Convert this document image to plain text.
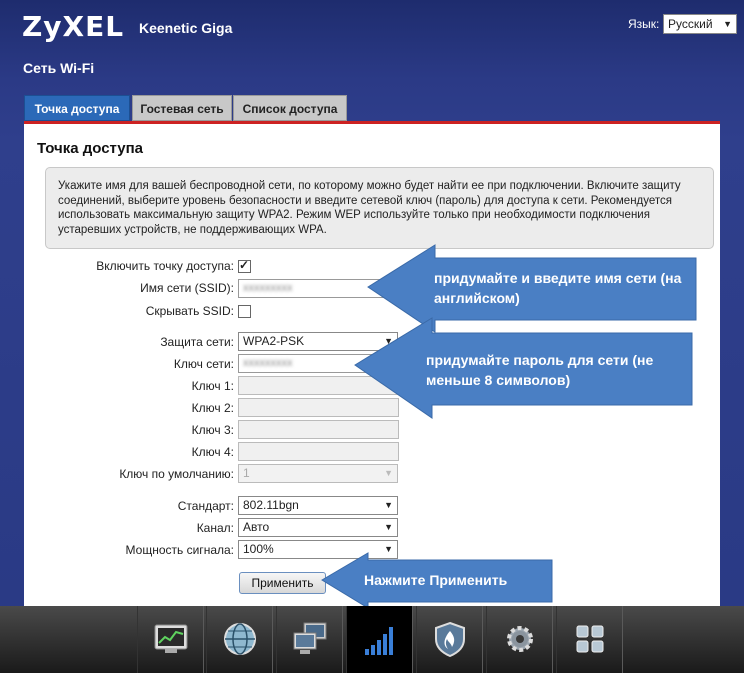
ZyXEL Keenetic Giga	Язык: Русский ▼
Сеть Wi-Fi
Точка доступа	Гостевая сеть	Список доступа
Точка доступа
Укажите имя для вашей беспроводной сети, по которому можно будет найти ее при подключении. Включите защиту соединений, выберите уровень безопасности и введите сетевой ключ (пароль) для доступа к сети. Рекомендуется использовать максимальную защиту WPA2. Режим WEP используйте только при необходимости подключения устаревших устройств, не поддерживающих WPA.
Включить точку доступа:
✓
Имя сети (SSID): xxxxxxxxx
Скрывать SSID:
Защита сети: WPA2-PSK	▼
Ключ сети: xxxxxxxxx
Ключ 1:
Ключ 2:
Ключ 3:
Ключ 4:
Ключ по умолчанию: 1	▼
Стандарт: 802.11bgn	▼
Канал: Авто	▼
Мощность сигнала: 100%	▼
Применить
придумайте и введите имя сети (на английском)
придумайте пароль для сети (не меньше 8 символов)
Нажмите Применить
